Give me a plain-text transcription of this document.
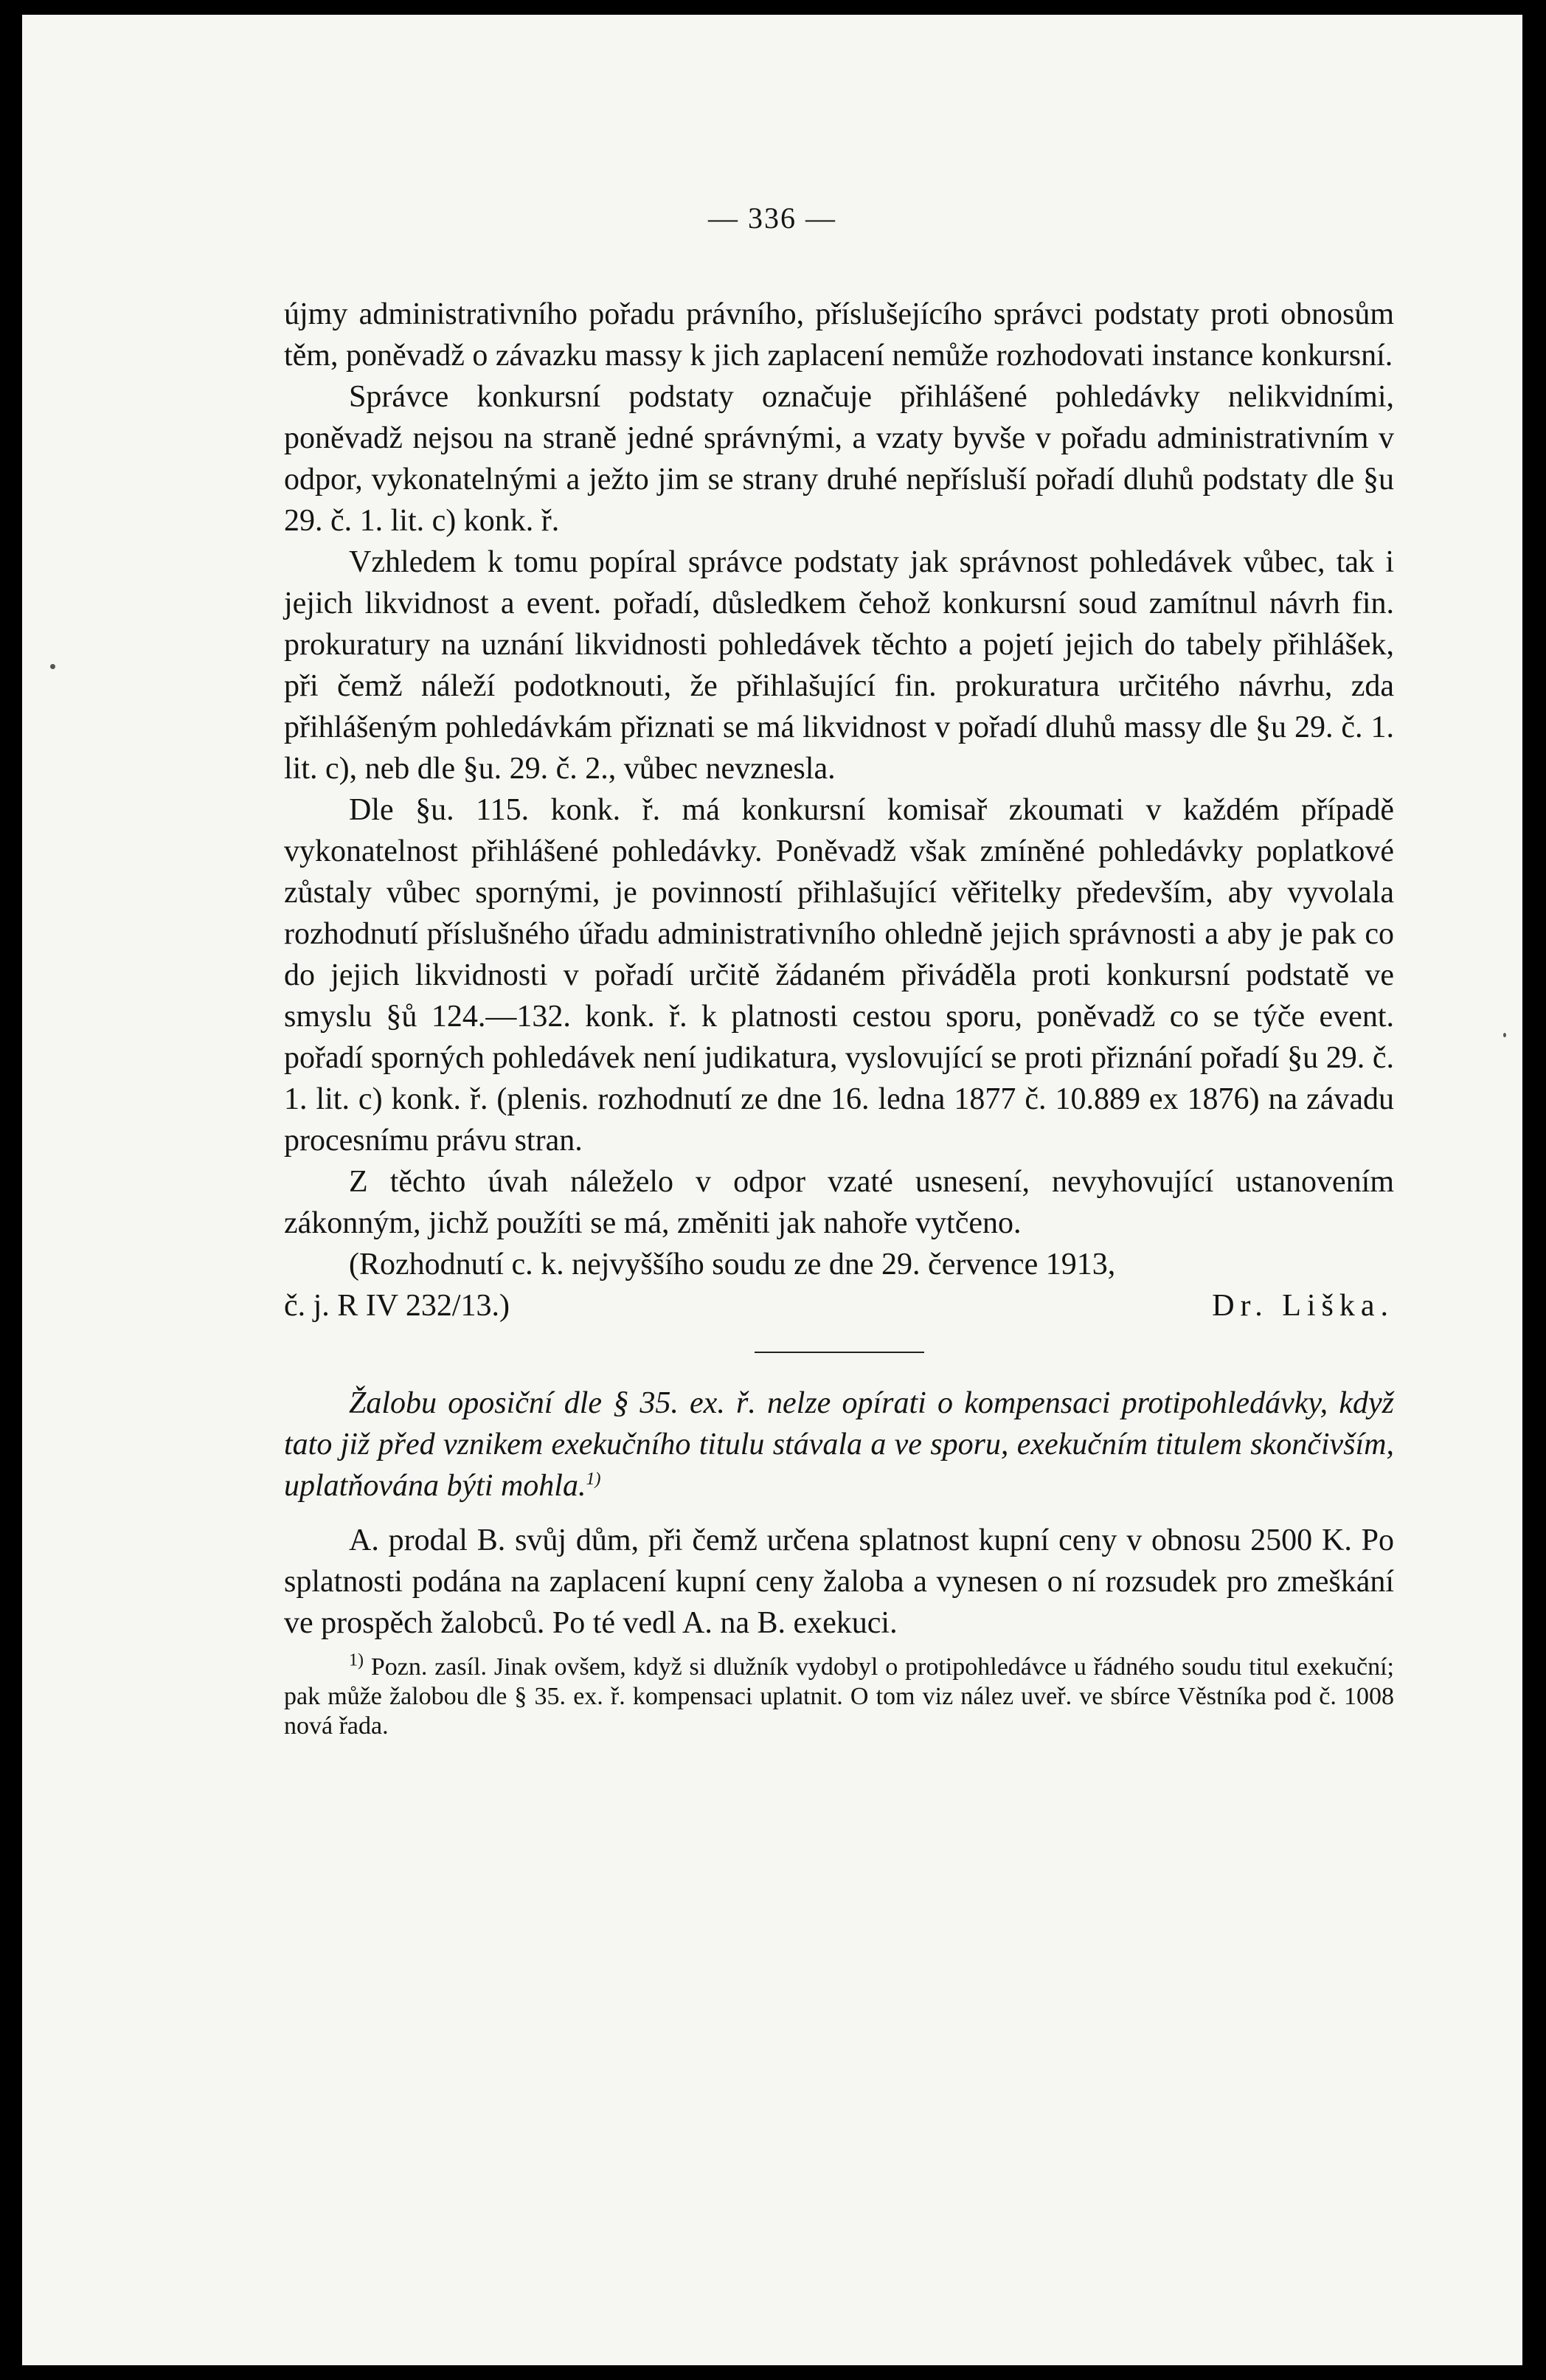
— 336 —

újmy administrativního pořadu právního, příslušejícího správci podstaty proti obnosům těm, poněvadž o závazku massy k jich zaplacení nemůže rozhodovati instance konkursní.

Správce konkursní podstaty označuje přihlášené pohledávky nelikvidními, poněvadž nejsou na straně jedné správnými, a vzaty byvše v pořadu administrativním v odpor, vykonatelnými a ježto jim se strany druhé nepřísluší pořadí dluhů podstaty dle §u 29. č. 1. lit. c) konk. ř.

Vzhledem k tomu popíral správce podstaty jak správnost pohledávek vůbec, tak i jejich likvidnost a event. pořadí, důsledkem čehož konkursní soud zamítnul návrh fin. prokuratury na uznání likvidnosti pohledávek těchto a pojetí jejich do tabely přihlášek, při čemž náleží podotknouti, že přihlašující fin. prokuratura určitého návrhu, zda přihlášeným pohledávkám přiznati se má likvidnost v pořadí dluhů massy dle §u 29. č. 1. lit. c), neb dle §u. 29. č. 2., vůbec nevznesla.

Dle §u. 115. konk. ř. má konkursní komisař zkoumati v každém případě vykonatelnost přihlášené pohledávky. Poněvadž však zmíněné pohledávky poplatkové zůstaly vůbec spornými, je povinností přihlašující věřitelky především, aby vyvolala rozhodnutí příslušného úřadu administrativního ohledně jejich správnosti a aby je pak co do jejich likvidnosti v pořadí určitě žádaném přiváděla proti konkursní podstatě ve smyslu §ů 124.—132. konk. ř. k platnosti cestou sporu, poněvadž co se týče event. pořadí sporných pohledávek není judikatura, vyslovující se proti přiznání pořadí §u 29. č. 1. lit. c) konk. ř. (plenis. rozhodnutí ze dne 16. ledna 1877 č. 10.889 ex 1876) na závadu procesnímu právu stran.

Z těchto úvah náleželo v odpor vzaté usnesení, nevyhovující ustanovením zákonným, jichž použíti se má, změniti jak nahoře vytčeno.

(Rozhodnutí c. k. nejvyššího soudu ze dne 29. července 1913,

č. j. R IV 232/13.)	Dr. Liška.

Žalobu oposiční dle § 35. ex. ř. nelze opírati o kompensaci protipohledávky, když tato již před vznikem exekučního titulu stávala a ve sporu, exekučním titulem skončivším, uplatňována býti mohla.$^{1)}$

A. prodal B. svůj dům, při čemž určena splatnost kupní ceny v obnosu 2500 K. Po splatnosti podána na zaplacení kupní ceny žaloba a vynesen o ní rozsudek pro zmeškání ve prospěch žalobců. Po té vedl A. na B. exekuci.

$^{1)}$ Pozn. zasíl. Jinak ovšem, když si dlužník vydobyl o protipohledávce u řádného soudu titul exekuční; pak může žalobou dle § 35. ex. ř. kompensaci uplatnit. O tom viz nález uveř. ve sbírce Věstníka pod č. 1008 nová řada.
